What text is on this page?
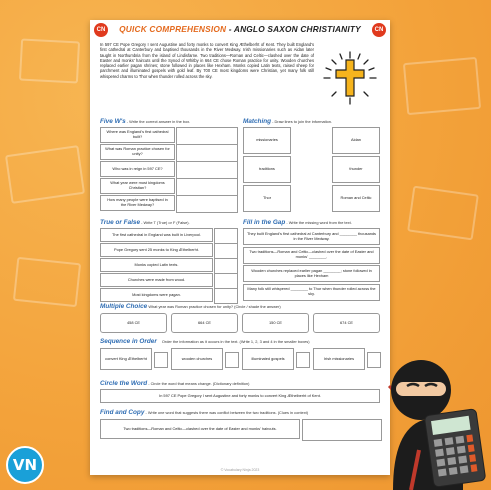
CN	QUICK COMPREHENSION - ANGLO SAXON CHRISTIANITY	CN
In 597 CE Pope Gregory I sent Augustine and forty monks to convert King Æthelberht of Kent. They built England's first cathedral at Canterbury and baptised thousands in the River Medway. Irish missionaries such as Aidan later taught in Northumbria from the island of Lindisfarne. Two traditions—Roman and Celtic—clashed over the date of Easter and monks' haircuts until the Synod of Whitby in 664 CE chose Roman practice for unity. Wooden churches replaced earlier pagan shrines; stone followed in places like Hexham. Monks copied Latin texts, raised sheep for parchment and illuminated gospels with gold leaf. By 700 CE most kingdoms were Christian, yet many folk still whispered charms to Thor when thunder rolled across the sky.
Five W's - Write the correct answer in the box.
Where was England's first cathedral built?
What was Roman practice chosen for unity?
Who was in reign in 597 CE?
What year were most kingdoms Christian?
How many people were baptised in the River Medway?
Matching - Draw lines to join the information.
missionaries
traditions
Thor
Aidan
thunder
Roman and Celtic
True or False - Write T (True) or F (False).
The first cathedral in England was built in Liverpool.
Pope Gregory sent 25 monks to King Æthelberht.
Monks copied Latin texts.
Churches were made from wood.
Most kingdoms were pagan.
Fill in the Gap - Write the missing word from the text.
They built England's first cathedral at Canterbury and ________ thousands in the River Medway.
Two traditions—Roman and Celtic—clashed over the date of Easter and monks' ________.
Wooden churches replaced earlier pagan ________; stone followed in places like Hexham
Many folk still whispered ________ to Thor when thunder rolled across the sky.
Multiple Choice What year was Roman practice chosen for unity? (Circle / shade the answer)
458 CE	664 CE	150 CE	674 CE
Sequence in Order Order the information as it occurs in the text. (Write 1, 2, 3 and 4 in the smaller boxes)
convert King Æthelberht	wooden churches	illuminated gospels	Irish missionaries
Circle the Word - Circle the word that means change. (Dictionary definition)
In 597 CE Pope Gregory I sent Augustine and forty monks to convert King Æthelberht of Kent.
Find and Copy - Write one word that suggests there was conflict between the two traditions. (Clues in context)
Two traditions—Roman and Celtic—clashed over the date of Easter and monks' haircuts.
© Vocabulary Ninja 2023
VN
